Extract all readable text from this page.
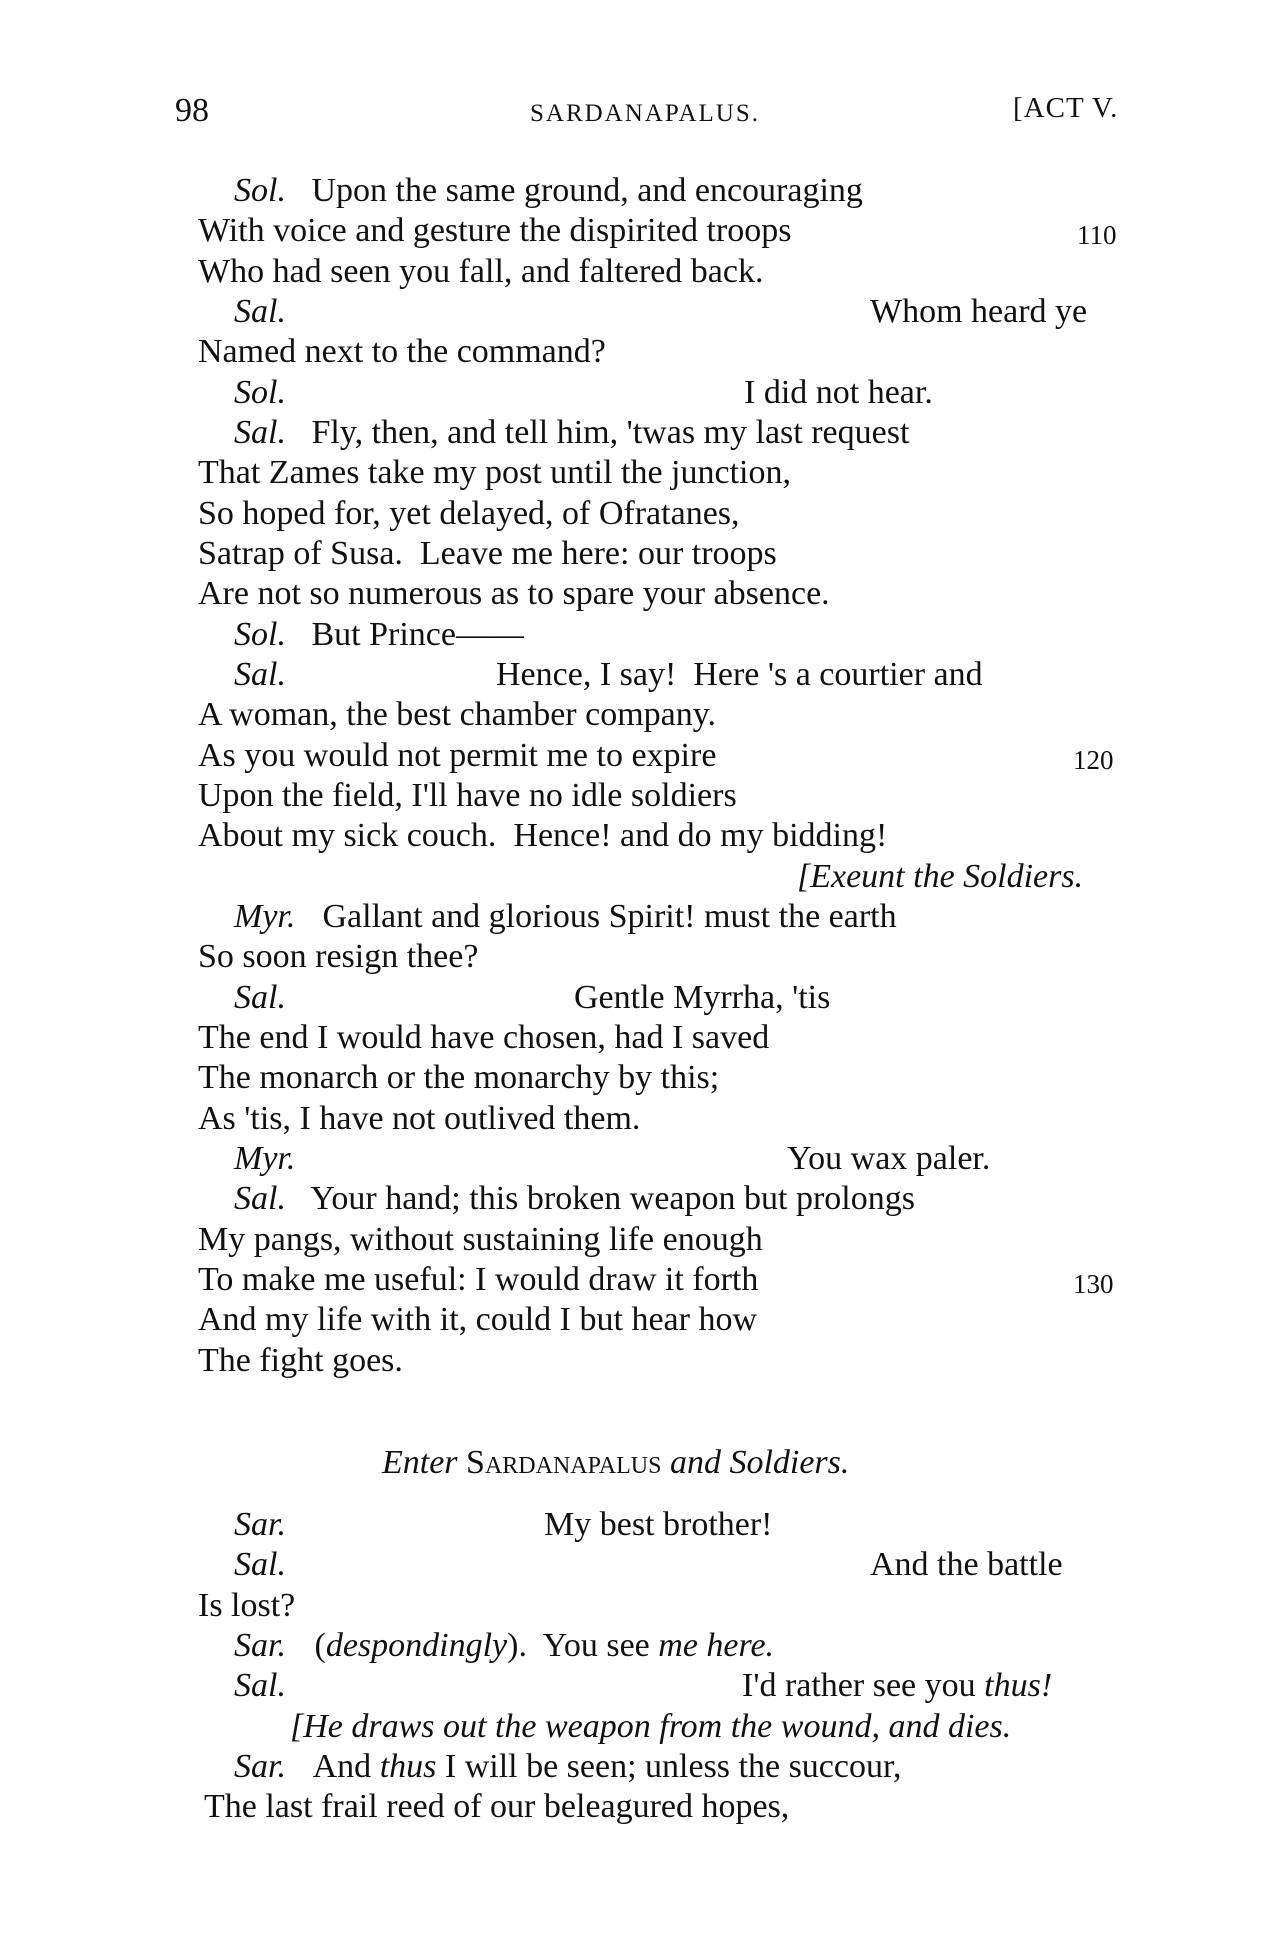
98	SARDANAPALUS.	[ACT V.

Sol.

Upon the same ground, and encouraging

With voice and gesture the dispirited troops

	110

Who had seen you fall, and faltered back.

Sal.

	Whom heard ye

Named next to the command?

Sol.

	I did not hear.

Sal.

Fly, then, and tell him, 'twas my last request

That Zames take my post until the junction,

So hoped for, yet delayed, of Ofratanes,

Satrap of Susa.  Leave me here: our troops

Are not so numerous as to spare your absence.

Sol.

But Prince——

Sal.

	Hence, I say!  Here 's a courtier and

A woman, the best chamber company.

As you would not permit me to expire

	120

Upon the field, I'll have no idle soldiers

About my sick couch.  Hence! and do my bidding!

[Exeunt the Soldiers.

Myr.

Gallant and glorious Spirit! must the earth

So soon resign thee?

Sal.

	Gentle Myrrha, 'tis

The end I would have chosen, had I saved

The monarch or the monarchy by this;

As 'tis, I have not outlived them.

Myr.

	You wax paler.

Sal.

Your hand; this broken weapon but prolongs

My pangs, without sustaining life enough

To make me useful: I would draw it forth

	130

And my life with it, could I but hear how

The fight goes.

Enter Sardanapalus and Soldiers.

Sar.

	My best brother!

Sal.

	And the battle

Is lost?

Sar.

(despondingly).  You see me here.

Sal.

	I'd rather see you thus!

[He draws out the weapon from the wound, and dies.

Sar.

And thus I will be seen; unless the succour,

The last frail reed of our beleagured hopes,
